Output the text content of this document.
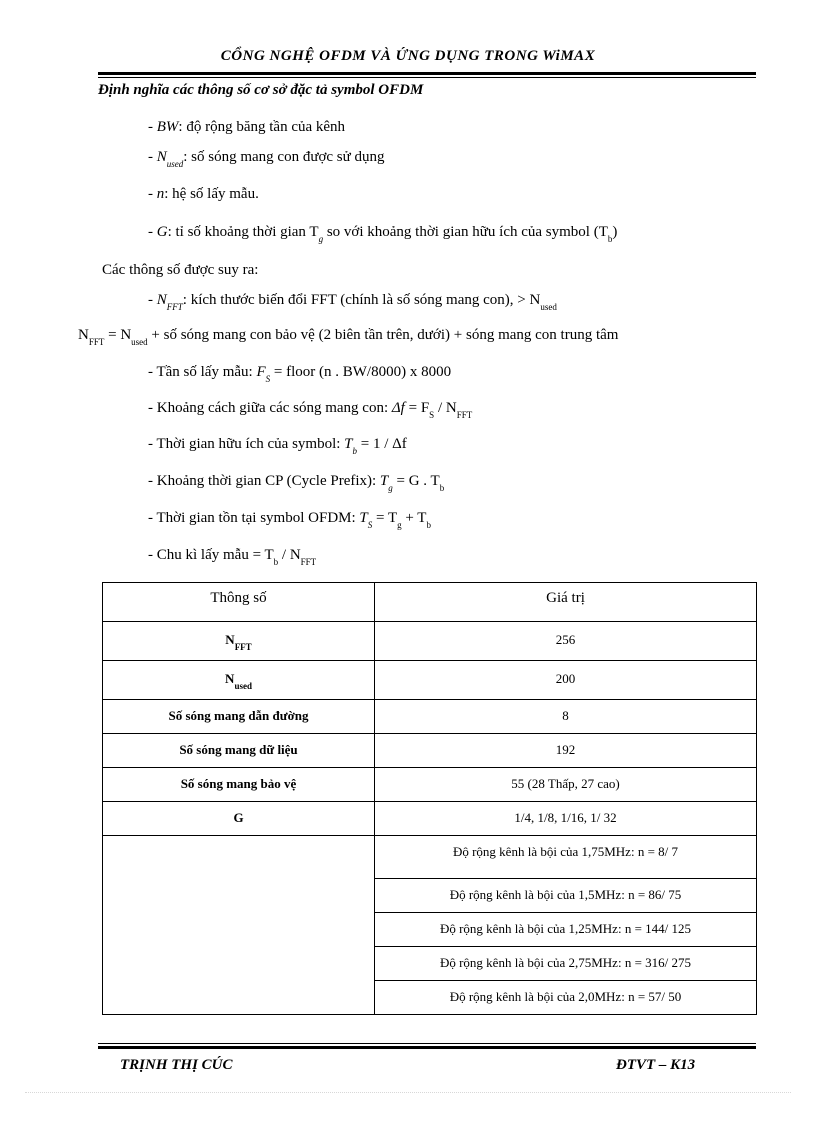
CỔNG NGHỆ OFDM VÀ ỨNG DỤNG TRONG WiMAX
Định nghĩa các thông số cơ sở đặc tả symbol OFDM
- BW: độ rộng băng tần của kênh
- $N_{used}$: số sóng mang con được sử dụng
- n: hệ số lấy mẫu.
- G: tỉ số khoảng thời gian $T_g$ so với khoảng thời gian hữu ích của symbol $(T_b)$
Các thông số được suy ra:
- $N_{FFT}$: kích thước biến đổi FFT (chính là số sóng mang con), > $N_{used}$
$N_{FFT} = N_{used}$ + số sóng mang con bảo vệ (2 biên tần trên, dưới) + sóng mang con trung tâm
- Tần số lấy mẫu: $F_S$ = floor (n . BW/8000) x 8000
- Khoảng cách giữa các sóng mang con: $\Delta f = F_S / N_{FFT}$
- Thời gian hữu ích của symbol: $T_b = 1 / \Delta f$
- Khoảng thời gian CP (Cycle Prefix): $T_g = G$ . $T_b$
- Thời gian tồn tại symbol OFDM: $T_S = T_g + T_b$
- Chu kì lấy mẫu = $T_b / N_{FFT}$
Thông số	Giá trị
$N_{FFT}$	256
$N_{used}$	200
Số sóng mang dẫn đường	8
Số sóng mang dữ liệu	192
Số sóng mang bảo vệ	55 (28 Thấp, 27 cao)
G	1/4, 1/8, 1/16, 1/ 32
	Độ rộng kênh là bội của 1,75MHz: n = 8/ 7
	Độ rộng kênh là bội của 1,5MHz: n = 86/ 75
	Độ rộng kênh là bội của 1,25MHz: n = 144/ 125
	Độ rộng kênh là bội của 2,75MHz: n = 316/ 275
	Độ rộng kênh là bội của 2,0MHz: n = 57/ 50
TRỊNH THỊ CÚC	ĐTVT – K13
